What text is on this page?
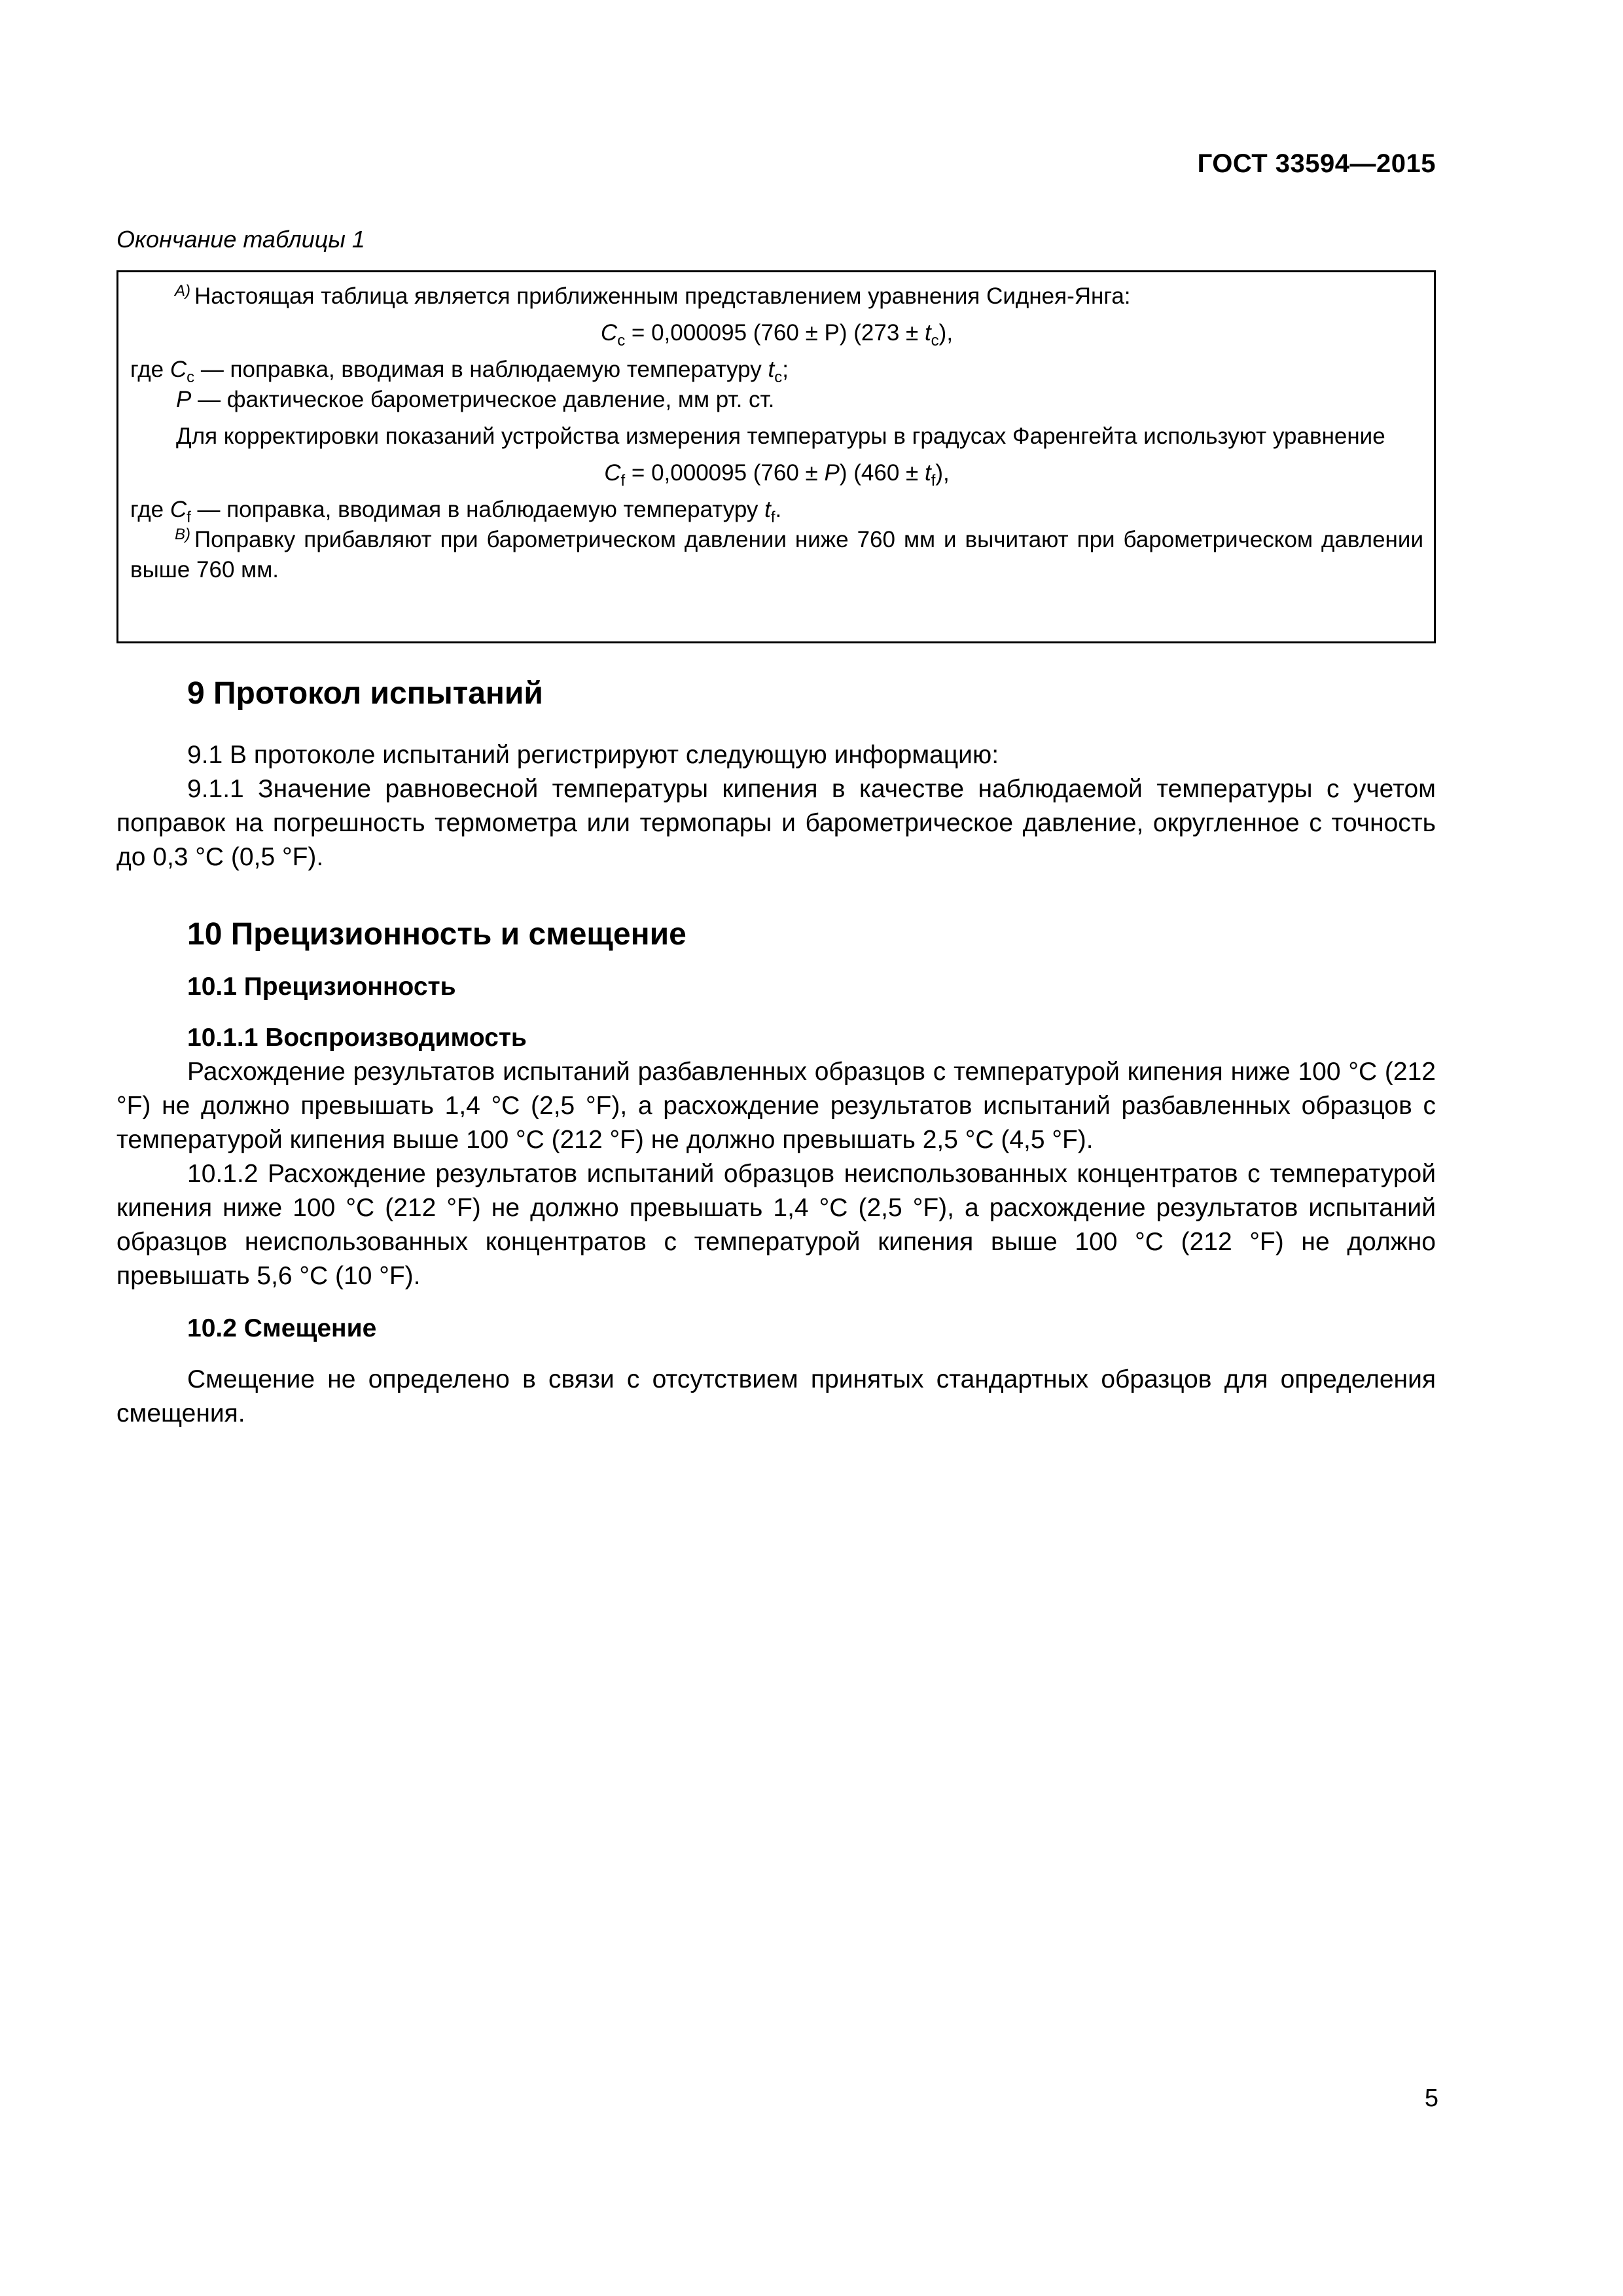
ГОСТ 33594—2015
Окончание таблицы 1

$^{A)}$ Настоящая таблица является приближенным представлением уравнения Сиднея-Янга:

$C_c = 0,000095$ (760 ± P) $(273 \pm t_c)$,

где $C_c$ — поправка, вводимая в наблюдаемую температуру $t_c$;

P — фактическое барометрическое давление, мм рт. ст.

Для корректировки показаний устройства измерения температуры в градусах Фаренгейта используют уравнение

$C_f = 0,000095$ (760 ± P) $(460 \pm t_f)$,

где $C_f$ — поправка, вводимая в наблюдаемую температуру $t_f$.

$^{B)}$ Поправку прибавляют при барометрическом давлении ниже 760 мм и вычитают при барометрическом давлении выше 760 мм.

9 Протокол испытаний

9.1 В протоколе испытаний регистрируют следующую информацию:

9.1.1 Значение равновесной температуры кипения в качестве наблюдаемой температуры с учетом поправок на погрешность термометра или термопары и барометрическое давление, округленное с точность до 0,3 °С (0,5 °F).

10 Прецизионность и смещение
10.1 Прецизионность
10.1.1 Воспроизводимость

Расхождение результатов испытаний разбавленных образцов с температурой кипения ниже 100 °С (212 °F) не должно превышать 1,4 °С (2,5 °F), а расхождение результатов испытаний разбавленных образцов с температурой кипения выше 100 °С (212 °F) не должно превышать 2,5 °С (4,5 °F).

10.1.2 Расхождение результатов испытаний образцов неиспользованных концентратов с температурой кипения ниже 100 °С (212 °F) не должно превышать 1,4 °С (2,5 °F), а расхождение результатов испытаний образцов неиспользованных концентратов с температурой кипения выше 100 °С (212 °F) не должно превышать 5,6 °С (10 °F).

10.2 Смещение

Смещение не определено в связи с отсутствием принятых стандартных образцов для определения смещения.

5
